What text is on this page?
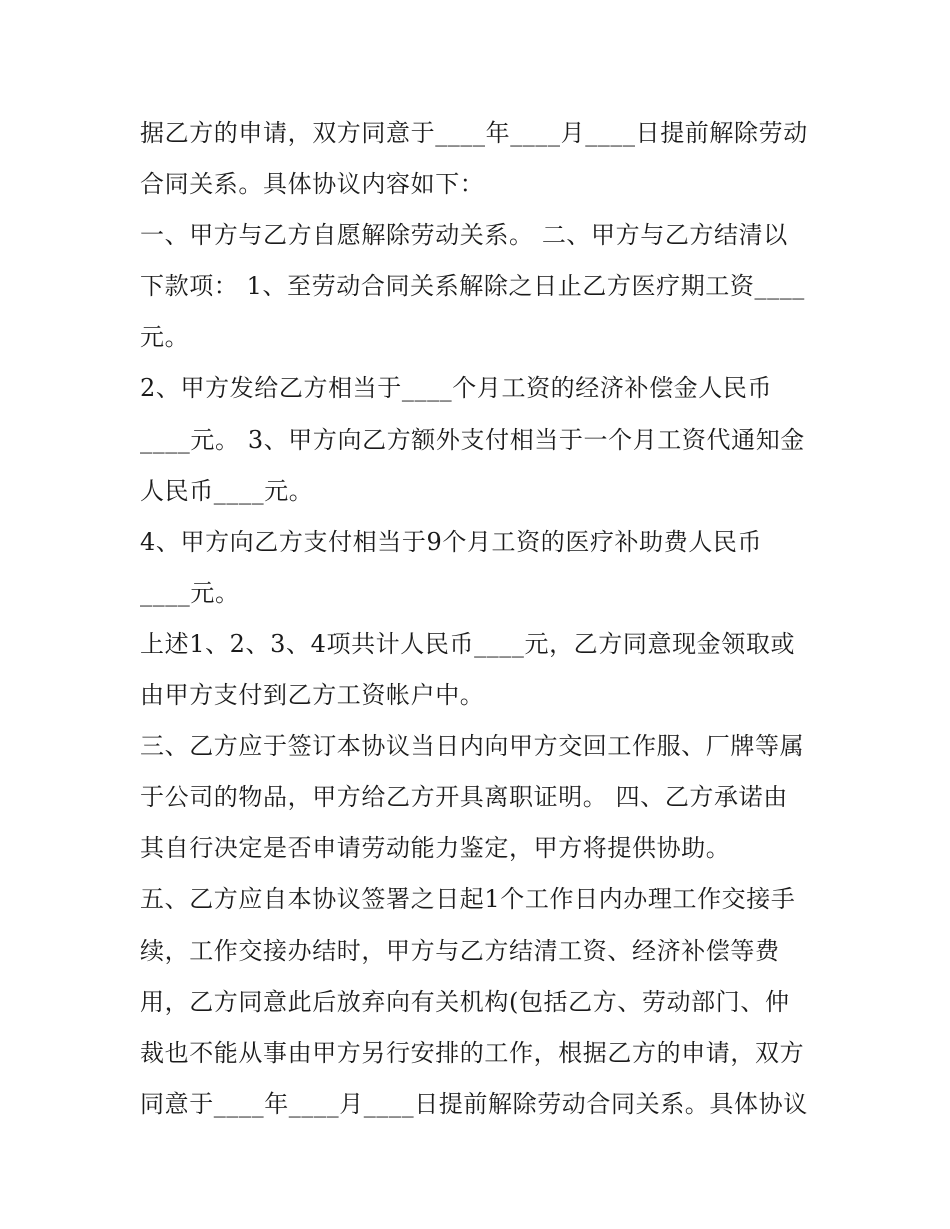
据乙方的申请，双方同意于____年____月____日提前解除劳动
合同关系。具体协议内容如下：
一、甲方与乙方自愿解除劳动关系。 二、甲方与乙方结清以
下款项： 1、至劳动合同关系解除之日止乙方医疗期工资____
元。
2、甲方发给乙方相当于____个月工资的经济补偿金人民币
____元。 3、甲方向乙方额外支付相当于一个月工资代通知金
人民币____元。
4、甲方向乙方支付相当于9个月工资的医疗补助费人民币
____元。
上述1、2、3、4项共计人民币____元，乙方同意现金领取或
由甲方支付到乙方工资帐户中。
三、乙方应于签订本协议当日内向甲方交回工作服、厂牌等属
于公司的物品，甲方给乙方开具离职证明。 四、乙方承诺由
其自行决定是否申请劳动能力鉴定，甲方将提供协助。
五、乙方应自本协议签署之日起1个工作日内办理工作交接手
续，工作交接办结时，甲方与乙方结清工资、经济补偿等费
用，乙方同意此后放弃向有关机构(包括乙方、劳动部门、仲
裁也不能从事由甲方另行安排的工作，根据乙方的申请，双方
同意于____年____月____日提前解除劳动合同关系。具体协议
